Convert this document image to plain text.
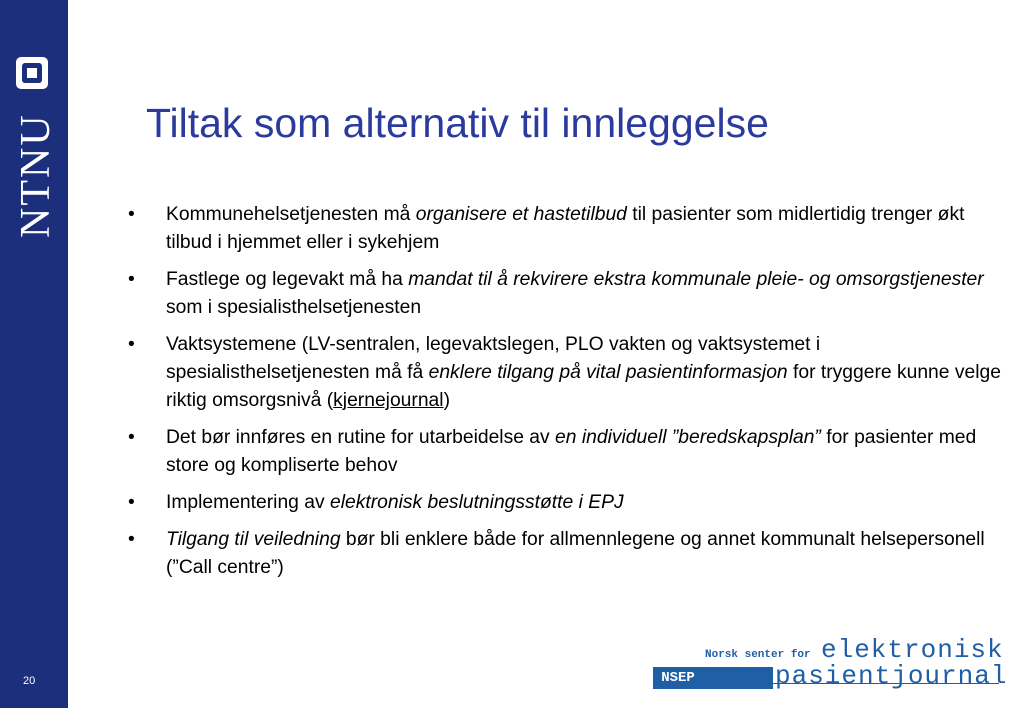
NTNU
20
Tiltak som alternativ til innleggelse
• Kommunehelsetjenesten må organisere et hastetilbud til pasienter som midlertidig trenger økt tilbud i hjemmet eller i sykehjem
• Fastlege og legevakt må ha mandat til å rekvirere ekstra kommunale pleie- og omsorgstjenester som i spesialisthelsetjenesten
• Vaktsystemene (LV-sentralen, legevaktslegen, PLO vakten og vaktsystemet i spesialisthelsetjenesten må få enklere tilgang på vital pasientinformasjon for tryggere kunne velge riktig omsorgsnivå (kjernejournal)
• Det bør innføres en rutine for utarbeidelse av en individuell ”beredskapsplan” for pasienter med store og kompliserte behov
• Implementering av elektronisk beslutningsstøtte i EPJ
• Tilgang til veiledning bør bli enklere både for allmennlegene og annet kommunalt helsepersonell (”Call centre”)
NSEP
Norsk senter for elektronisk
pasientjournal
